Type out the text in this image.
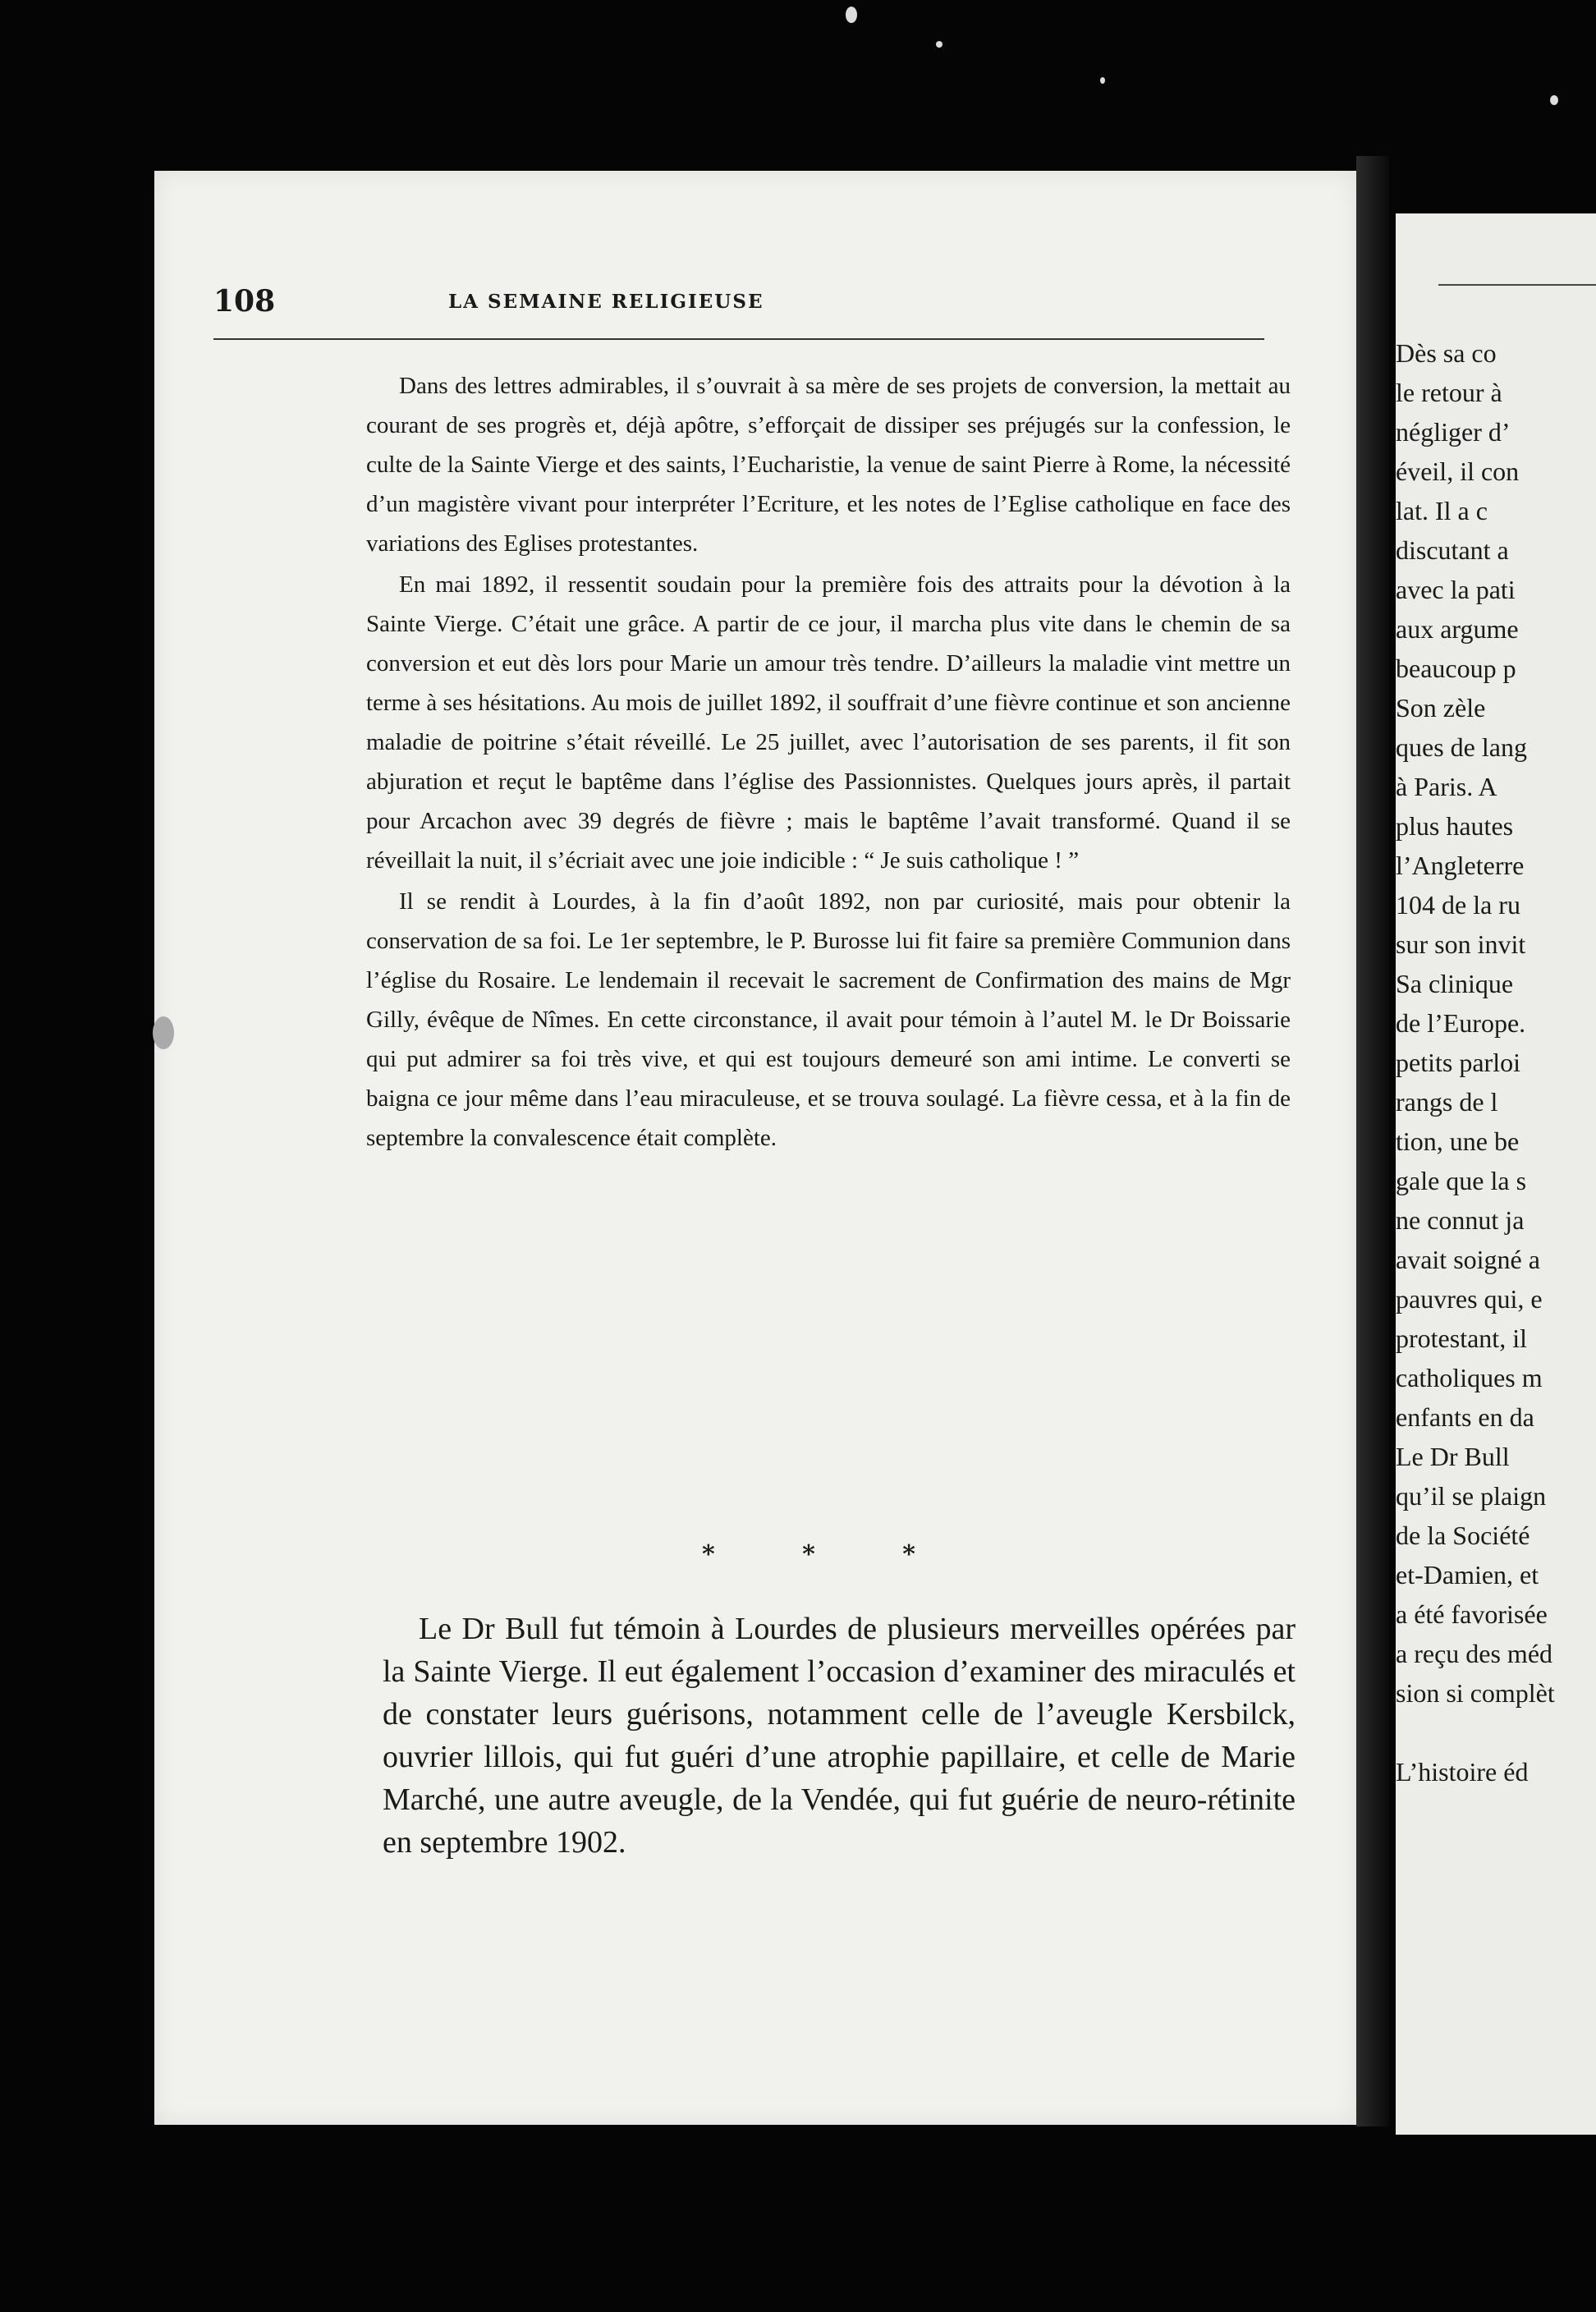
108	LA SEMAINE RELIGIEUSE

Dans des lettres admirables, il s’ouvrait à sa mère de ses projets de conversion, la mettait au courant de ses progrès et, déjà apôtre, s’efforçait de dissiper ses préjugés sur la confession, le culte de la Sainte Vierge et des saints, l’Eucharistie, la venue de saint Pierre à Rome, la nécessité d’un magistère vivant pour interpréter l’Ecriture, et les notes de l’Eglise catholique en face des variations des Eglises protestantes.

En mai 1892, il ressentit soudain pour la première fois des attraits pour la dévotion à la Sainte Vierge. C’était une grâce. A partir de ce jour, il marcha plus vite dans le chemin de sa conversion et eut dès lors pour Marie un amour très tendre. D’ailleurs la maladie vint mettre un terme à ses hésitations. Au mois de juillet 1892, il souffrait d’une fièvre continue et son ancienne maladie de poitrine s’était réveillé. Le 25 juillet, avec l’autorisation de ses parents, il fit son abjuration et reçut le baptême dans l’église des Passionnistes. Quelques jours après, il partait pour Arcachon avec 39 degrés de fièvre ; mais le baptême l’avait transformé. Quand il se réveillait la nuit, il s’écriait avec une joie indicible : “ Je suis catholique ! ”

Il se rendit à Lourdes, à la fin d’août 1892, non par curiosité, mais pour obtenir la conservation de sa foi. Le 1er septembre, le P. Burosse lui fit faire sa première Communion dans l’église du Rosaire. Le lendemain il recevait le sacrement de Confirmation des mains de Mgr Gilly, évêque de Nîmes. En cette circonstance, il avait pour témoin à l’autel M. le Dr Boissarie qui put admirer sa foi très vive, et qui est toujours demeuré son ami intime. Le converti se baigna ce jour même dans l’eau miraculeuse, et se trouva soulagé. La fièvre cessa, et à la fin de septembre la convalescence était complète.

* * *

Le Dr Bull fut témoin à Lourdes de plusieurs merveilles opérées par la Sainte Vierge. Il eut également l’occasion d’examiner des miraculés et de constater leurs guérisons, notamment celle de l’aveugle Kersbilck, ouvrier lillois, qui fut guéri d’une atrophie papillaire, et celle de Marie Marché, une autre aveugle, de la Vendée, qui fut guérie de neuro-rétinite en septembre 1902.

Dès sa co
le retour à
négliger d’
éveil, il con
lat. Il a c
discutant a
avec la pati
aux argume
beaucoup p
Son zèle
ques de lang
à Paris. A
plus hautes
l’Angleterre
104 de la ru
sur son invit
Sa clinique
de l’Europe.
petits parloi
rangs de l
tion, une be
gale que la s
ne connut ja
avait soigné a
pauvres qui, e
protestant, il
catholiques m
enfants en da
Le Dr Bull
qu’il se plaign
de la Société
et-Damien, et
a été favorisée
a reçu des méd
sion si complèt
L’histoire éd
